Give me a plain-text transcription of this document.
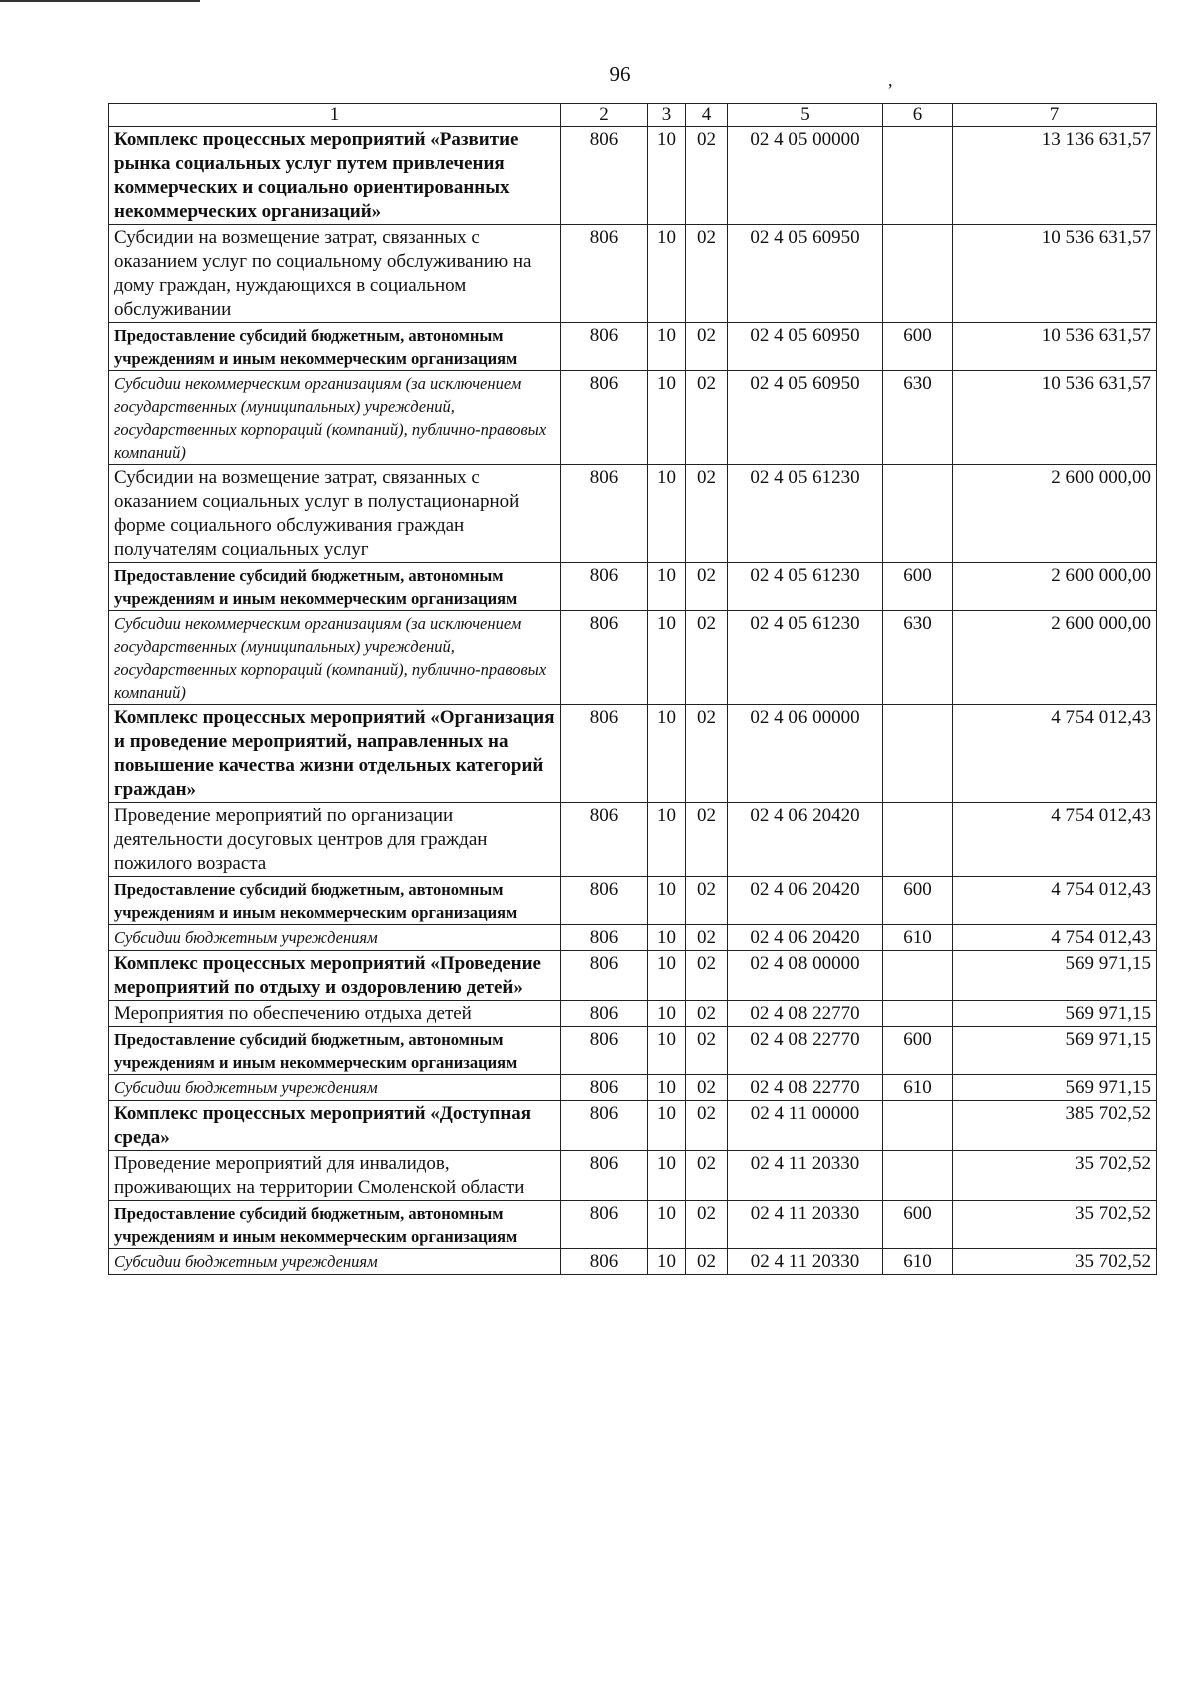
96	,
1	2	3	4	5	6	7
Комплекс процессных мероприятий «Развитие рынка социальных услуг путем привлечения коммерческих и социально ориентированных некоммерческих организаций»	806	10	02	02 4 05 00000		13 136 631,57
Субсидии на возмещение затрат, связанных с оказанием услуг по социальному обслуживанию на дому граждан, нуждающихся в социальном обслуживании	806	10	02	02 4 05 60950		10 536 631,57
Предоставление субсидий бюджетным, автономным учреждениям и иным некоммерческим организациям	806	10	02	02 4 05 60950	600	10 536 631,57
Субсидии некоммерческим организациям (за исключением государственных (муниципальных) учреждений, государственных корпораций (компаний), публично-правовых компаний)	806	10	02	02 4 05 60950	630	10 536 631,57
Субсидии на возмещение затрат, связанных с оказанием социальных услуг в полустационарной форме социального обслуживания граждан получателям социальных услуг	806	10	02	02 4 05 61230		2 600 000,00
Предоставление субсидий бюджетным, автономным учреждениям и иным некоммерческим организациям	806	10	02	02 4 05 61230	600	2 600 000,00
Субсидии некоммерческим организациям (за исключением государственных (муниципальных) учреждений, государственных корпораций (компаний), публично-правовых компаний)	806	10	02	02 4 05 61230	630	2 600 000,00
Комплекс процессных мероприятий «Организация и проведение мероприятий, направленных на повышение качества жизни отдельных категорий граждан»	806	10	02	02 4 06 00000		4 754 012,43
Проведение мероприятий по организации деятельности досуговых центров для граждан пожилого возраста	806	10	02	02 4 06 20420		4 754 012,43
Предоставление субсидий бюджетным, автономным учреждениям и иным некоммерческим организациям	806	10	02	02 4 06 20420	600	4 754 012,43
Субсидии бюджетным учреждениям	806	10	02	02 4 06 20420	610	4 754 012,43
Комплекс процессных мероприятий «Проведение мероприятий по отдыху и оздоровлению детей»	806	10	02	02 4 08 00000		569 971,15
Мероприятия по обеспечению отдыха детей	806	10	02	02 4 08 22770		569 971,15
Предоставление субсидий бюджетным, автономным учреждениям и иным некоммерческим организациям	806	10	02	02 4 08 22770	600	569 971,15
Субсидии бюджетным учреждениям	806	10	02	02 4 08 22770	610	569 971,15
Комплекс процессных мероприятий «Доступная среда»	806	10	02	02 4 11 00000		385 702,52
Проведение мероприятий для инвалидов, проживающих на территории Смоленской области	806	10	02	02 4 11 20330		35 702,52
Предоставление субсидий бюджетным, автономным учреждениям и иным некоммерческим организациям	806	10	02	02 4 11 20330	600	35 702,52
Субсидии бюджетным учреждениям	806	10	02	02 4 11 20330	610	35 702,52
